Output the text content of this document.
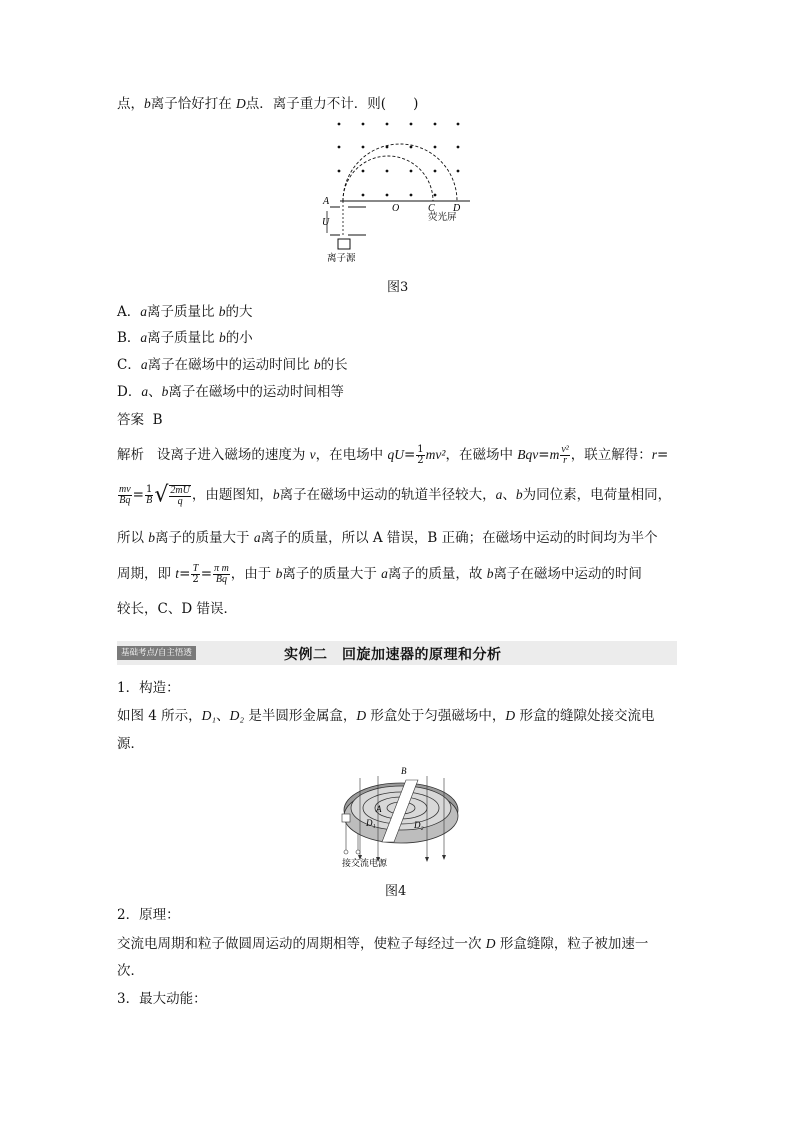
点，b离子恰好打在 D点．离子重力不计．则(　　)
A
U
O	C D
荧光屏
离子源
图3
A．a离子质量比 b的大
B．a离子质量比 b的小
C．a离子在磁场中的运动时间比 b的长
D．a、b离子在磁场中的运动时间相等
答案 B
解析 设离子进入磁场的速度为 v，在电场中 $qU= \frac{1}{2} mv^2$，在磁场中 $Bqv=m \frac{\text{v²}}{r}$ ，联立解得：r=
$\frac{mv}{Bq} = \frac{1}{B}$ √ $\frac{2mU}{q}$ ，由题图知，b离子在磁场中运动的轨道半径较大，a、b为同位素，电荷量相同，
所以 b离子的质量大于 a离子的质量，所以 A 错误，B 正确；在磁场中运动的时间均为半个
周期，即 $t= \frac{T}{2} = \frac{\text{π m}}{Bq}$ ，由于 b离子的质量大于 a离子的质量，故 b离子在磁场中运动的时间
较长，C、D 错误．
基础考点/自主悟透	实例二　回旋加速器的原理和分析
1．构造：
如图 4 所示，D₁、D₂ 是半圆形金属盒，D 形盒处于匀强磁场中，D 形盒的缝隙处接交流电
源．
B
A
D₁	D₂
接交流电源
图4
2．原理：
交流电周期和粒子做圆周运动的周期相等，使粒子每经过一次 D 形盒缝隙，粒子被加速一
次．
3．最大动能：
